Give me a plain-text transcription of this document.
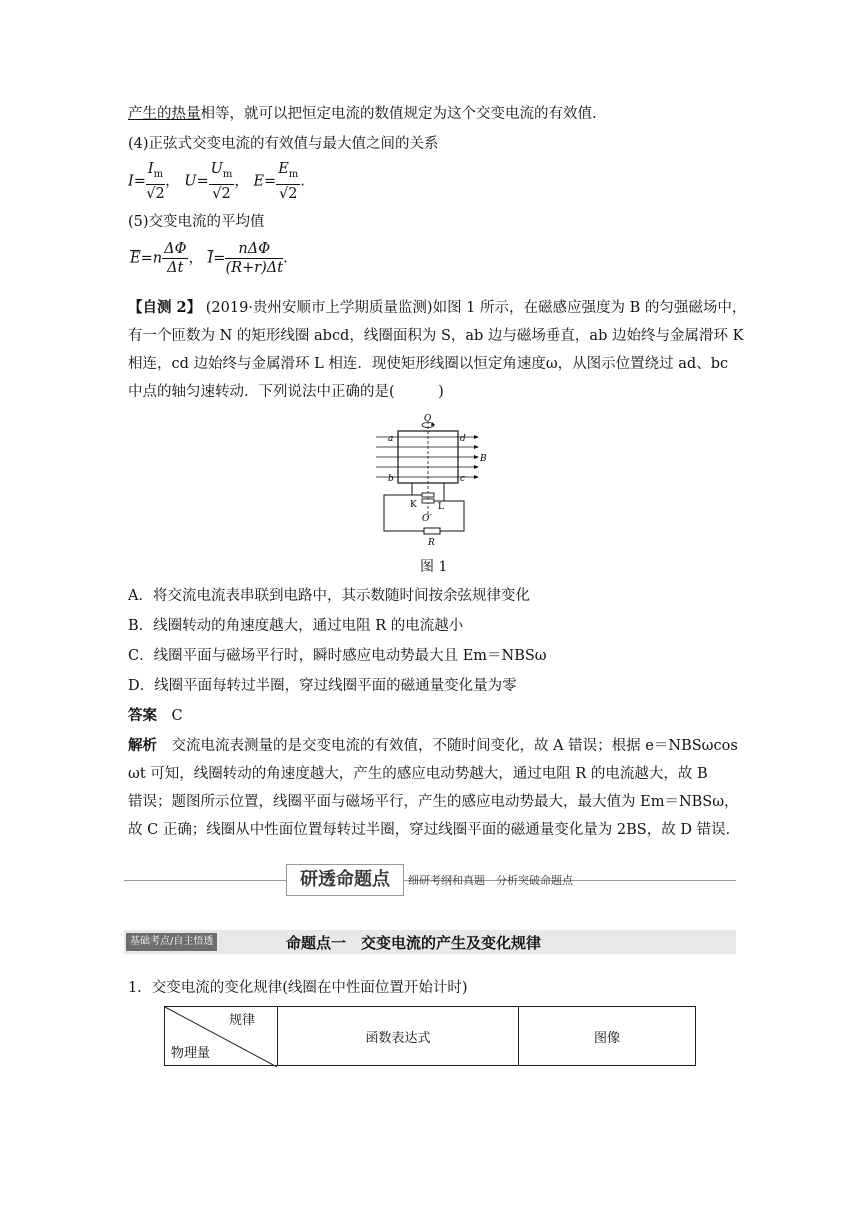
产生的热量相等，就可以把恒定电流的数值规定为这个交变电流的有效值.
(4)正弦式交变电流的有效值与最大值之间的关系
$I= \frac{I_m}{√2}$ ， $U= \frac{U_m}{√2}$ ， $E= \frac{E_m}{√2}$ .
(5)交变电流的平均值
$\overline{E}=n \frac{\Delta\Phi}{\Delta t}$ ， $\overline{I}= \frac{\text{nΔΦ}}{(R+r)\Delta t}$ .
【自测 2】 (2019·贵州安顺市上学期质量监测)如图 1 所示，在磁感应强度为 B 的匀强磁场中，
有一个匝数为 N 的矩形线圈 abcd，线圈面积为 S，ab 边与磁场垂直，ab 边始终与金属滑环 K
相连，cd 边始终与金属滑环 L 相连．现使矩形线圈以恒定角速度ω，从图示位置绕过 ad、bc
中点的轴匀速转动．下列说法中正确的是(　　　)
O
a	d
b	c
B
K L
O′
R
图 1
A．将交流电流表串联到电路中，其示数随时间按余弦规律变化
B．线圈转动的角速度越大，通过电阻 R 的电流越小
C．线圈平面与磁场平行时，瞬时感应电动势最大且 Em＝NBSω
D．线圈平面每转过半圈，穿过线圈平面的磁通量变化量为零
答案　 C
解析　 交流电流表测量的是交变电流的有效值，不随时间变化，故 A 错误；根据 e＝NBSωcos
ωt 可知，线圈转动的角速度越大，产生的感应电动势越大，通过电阻 R 的电流越大，故 B
错误；题图所示位置，线圈平面与磁场平行，产生的感应电动势最大，最大值为 Em＝NBSω，
故 C 正确；线圈从中性面位置每转过半圈，穿过线圈平面的磁通量变化量为 2BS，故 D 错误．
研透命题点	细研考纲和真题　分析突破命题点
基础考点/自主悟透	命题点一　交变电流的产生及变化规律
1．交变电流的变化规律(线圈在中性面位置开始计时)
规律
物理量
	函数表达式	图像
